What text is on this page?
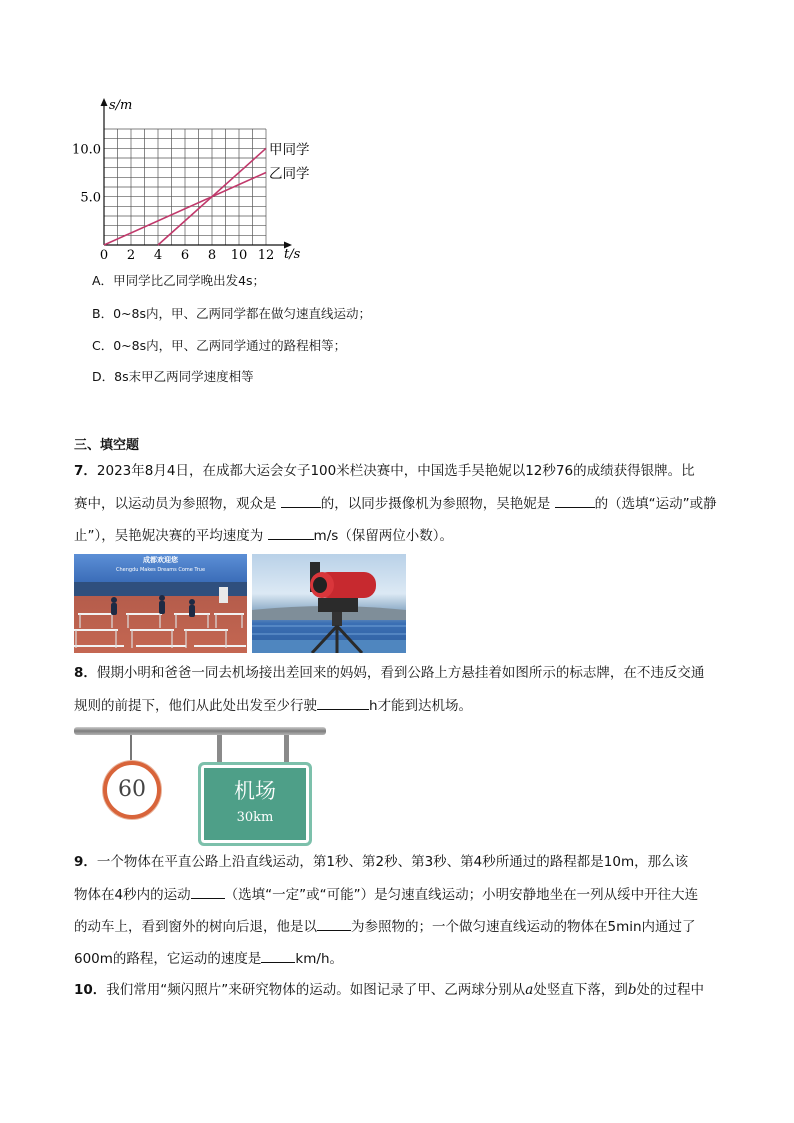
s/m
t/s
10.0
5.0
0 2 4 6 8 10 12
甲同学
乙同学
A．甲同学比乙同学晚出发4s；
B．0~8s内，甲、乙两同学都在做匀速直线运动；
C．0~8s内，甲、乙两同学通过的路程相等；
D．8s末甲乙两同学速度相等
三、填空题
7．2023年8月4日，在成都大运会女子100米栏决赛中，中国选手吴艳妮以12秒76的成绩获得银牌。比
赛中，以运动员为参照物，观众是	的，以同步摄像机为参照物，吴艳妮是	的（选填“运动”或静
止”），吴艳妮决赛的平均速度为	m/s（保留两位小数）。
成都欢迎您
Chengdu Makes Dreams Come True
8．假期小明和爸爸一同去机场接出差回来的妈妈，看到公路上方悬挂着如图所示的标志牌，在不违反交通
规则的前提下，他们从此处出发至少行驶	h才能到达机场。
60	机场
30km
9．一个物体在平直公路上沿直线运动，第1秒、第2秒、第3秒、第4秒所通过的路程都是10m，那么该
物体在4秒内的运动	（选填“一定”或“可能”）是匀速直线运动；小明安静地坐在一列从绥中开往大连
的动车上，看到窗外的树向后退，他是以	为参照物的；一个做匀速直线运动的物体在5min内通过了
600m的路程，它运动的速度是	km/h。
10．我们常用“频闪照片”来研究物体的运动。如图记录了甲、乙两球分别从a处竖直下落，到b处的过程中
